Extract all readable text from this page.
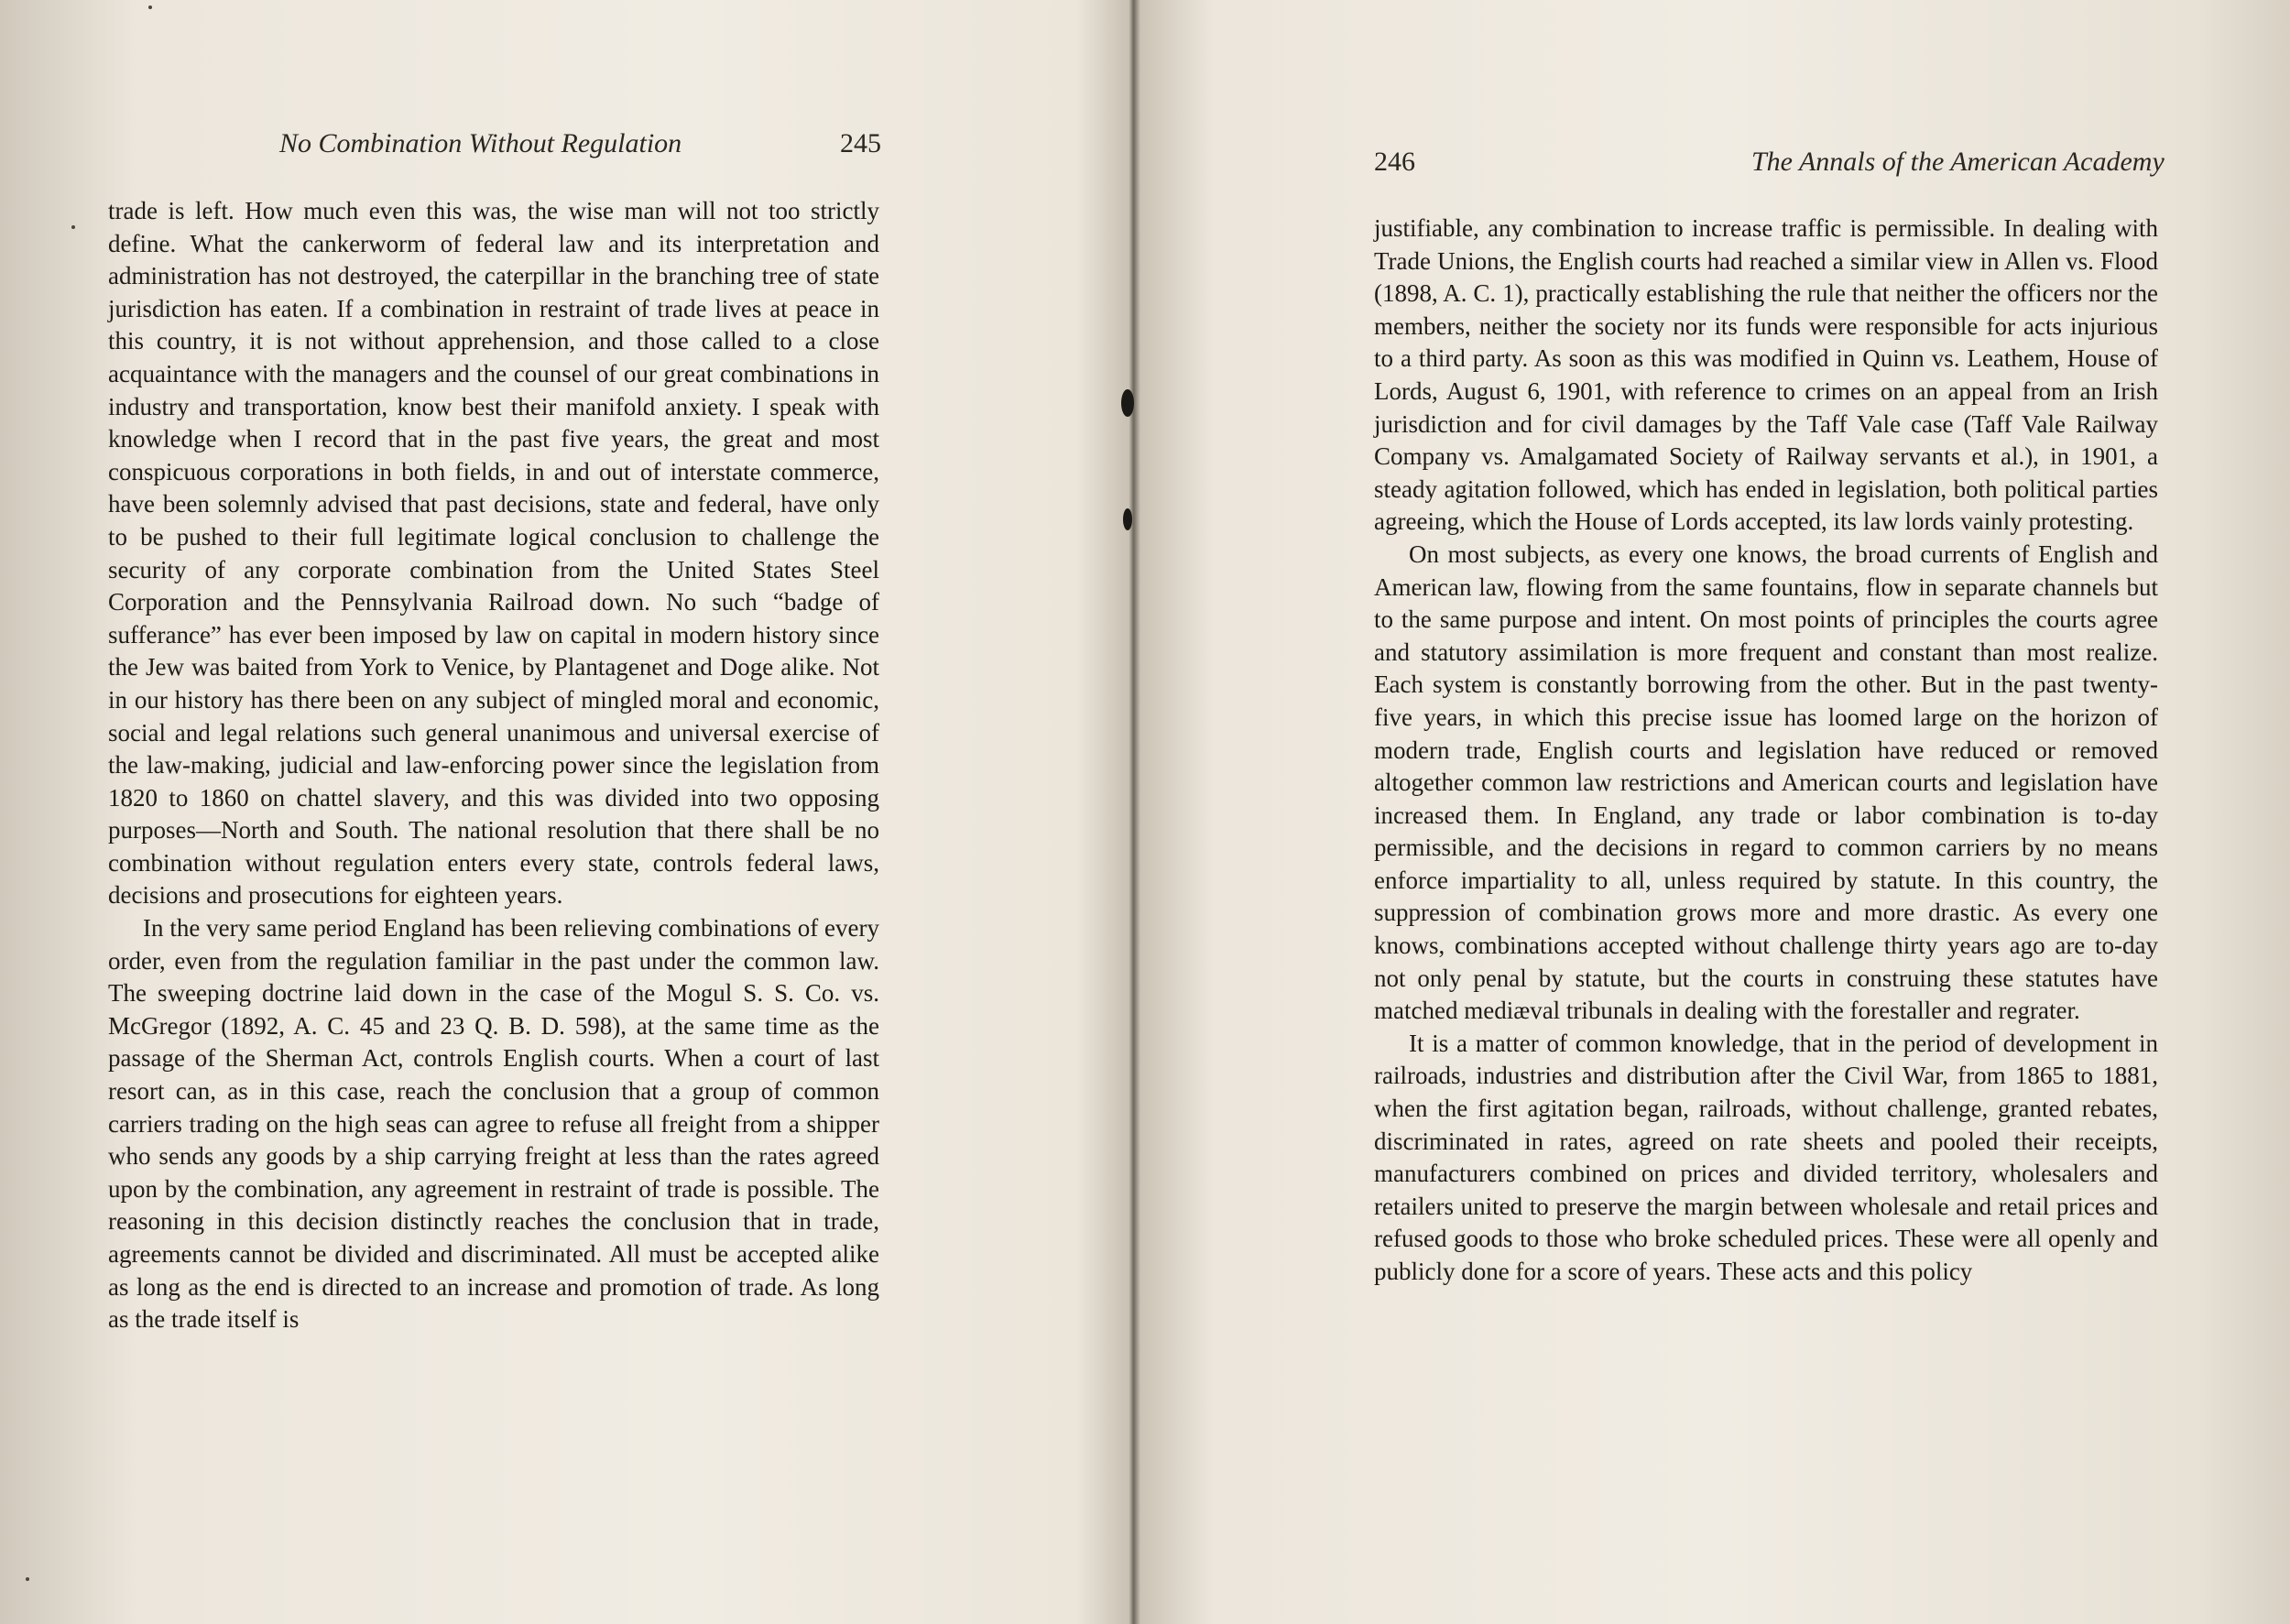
No Combination Without Regulation	245

trade is left. How much even this was, the wise man will not too strictly define. What the cankerworm of federal law and its interpretation and administration has not destroyed, the caterpillar in the branching tree of state jurisdiction has eaten. If a combination in restraint of trade lives at peace in this country, it is not without apprehension, and those called to a close acquaintance with the managers and the counsel of our great combinations in industry and transportation, know best their manifold anxiety. I speak with knowledge when I record that in the past five years, the great and most conspicuous corporations in both fields, in and out of interstate commerce, have been solemnly advised that past decisions, state and federal, have only to be pushed to their full legitimate logical conclusion to challenge the security of any corporate combination from the United States Steel Corporation and the Pennsylvania Railroad down. No such “badge of sufferance” has ever been imposed by law on capital in modern history since the Jew was baited from York to Venice, by Plantagenet and Doge alike. Not in our history has there been on any subject of mingled moral and economic, social and legal relations such general unanimous and universal exercise of the law-making, judicial and law-enforcing power since the legislation from 1820 to 1860 on chattel slavery, and this was divided into two opposing purposes—North and South. The national resolution that there shall be no combination without regulation enters every state, controls federal laws, decisions and prosecutions for eighteen years.

In the very same period England has been relieving combinations of every order, even from the regulation familiar in the past under the common law. The sweeping doctrine laid down in the case of the Mogul S. S. Co. vs. McGregor (1892, A. C. 45 and 23 Q. B. D. 598), at the same time as the passage of the Sherman Act, controls English courts. When a court of last resort can, as in this case, reach the conclusion that a group of common carriers trading on the high seas can agree to refuse all freight from a shipper who sends any goods by a ship carrying freight at less than the rates agreed upon by the combination, any agreement in restraint of trade is possible. The reasoning in this decision distinctly reaches the conclusion that in trade, agreements cannot be divided and discriminated. All must be accepted alike as long as the end is directed to an increase and promotion of trade. As long as the trade itself is

246	The Annals of the American Academy

justifiable, any combination to increase traffic is permissible. In dealing with Trade Unions, the English courts had reached a similar view in Allen vs. Flood (1898, A. C. 1), practically establishing the rule that neither the officers nor the members, neither the society nor its funds were responsible for acts injurious to a third party. As soon as this was modified in Quinn vs. Leathem, House of Lords, August 6, 1901, with reference to crimes on an appeal from an Irish jurisdiction and for civil damages by the Taff Vale case (Taff Vale Railway Company vs. Amalgamated Society of Railway servants et al.), in 1901, a steady agitation followed, which has ended in legislation, both political parties agreeing, which the House of Lords accepted, its law lords vainly protesting.

On most subjects, as every one knows, the broad currents of English and American law, flowing from the same fountains, flow in separate channels but to the same purpose and intent. On most points of principles the courts agree and statutory assimilation is more frequent and constant than most realize. Each system is constantly borrowing from the other. But in the past twenty-five years, in which this precise issue has loomed large on the horizon of modern trade, English courts and legislation have reduced or removed altogether common law restrictions and American courts and legislation have increased them. In England, any trade or labor combination is to-day permissible, and the decisions in regard to common carriers by no means enforce impartiality to all, unless required by statute. In this country, the suppression of combination grows more and more drastic. As every one knows, combinations accepted without challenge thirty years ago are to-day not only penal by statute, but the courts in construing these statutes have matched mediæval tribunals in dealing with the forestaller and regrater.

It is a matter of common knowledge, that in the period of development in railroads, industries and distribution after the Civil War, from 1865 to 1881, when the first agitation began, railroads, without challenge, granted rebates, discriminated in rates, agreed on rate sheets and pooled their receipts, manufacturers combined on prices and divided territory, wholesalers and retailers united to preserve the margin between wholesale and retail prices and refused goods to those who broke scheduled prices. These were all openly and publicly done for a score of years. These acts and this policy
